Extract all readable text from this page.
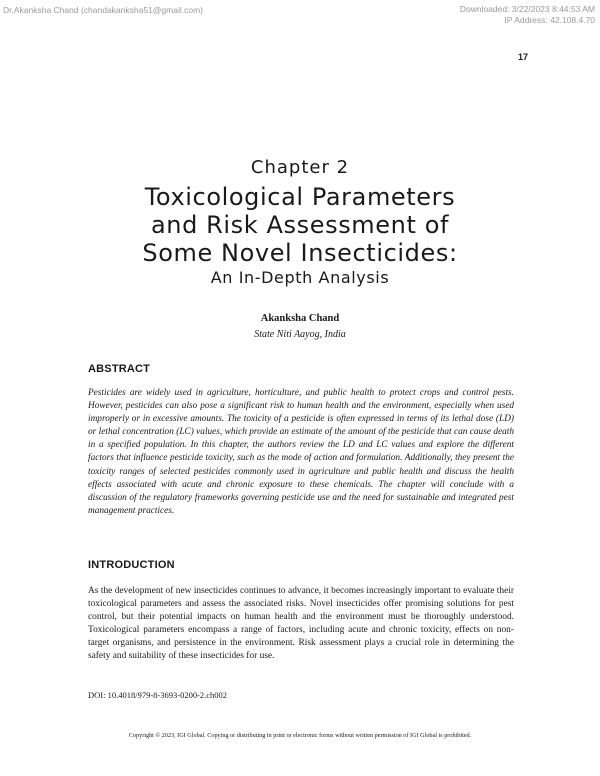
Dr.Akanksha Chand (chandakanksha51@gmail.com)	Downloaded: 3/22/2023 8:44:53 AM
IP Address: 42.108.4.70
17
Chapter 2
Toxicological Parameters
and Risk Assessment of
Some Novel Insecticides:
An In-Depth Analysis
Akanksha Chand
State Niti Aayog, India
ABSTRACT

Pesticides are widely used in agriculture, horticulture, and public health to protect crops and control pests. However, pesticides can also pose a significant risk to human health and the environment, especially when used improperly or in excessive amounts. The toxicity of a pesticide is often expressed in terms of its lethal dose (LD) or lethal concentration (LC) values, which provide an estimate of the amount of the pesticide that can cause death in a specified population. In this chapter, the authors review the LD and LC values and explore the different factors that influence pesticide toxicity, such as the mode of action and formulation. Additionally, they present the toxicity ranges of selected pesticides commonly used in agriculture and public health and discuss the health effects associated with acute and chronic exposure to these chemicals. The chapter will conclude with a discussion of the regulatory frameworks governing pesticide use and the need for sustainable and integrated pest management practices.

INTRODUCTION

As the development of new insecticides continues to advance, it becomes increasingly important to evaluate their toxicological parameters and assess the associated risks. Novel insecticides offer promising solutions for pest control, but their potential impacts on human health and the environment must be thoroughly understood. Toxicological parameters encompass a range of factors, including acute and chronic toxicity, effects on non-target organisms, and persistence in the environment. Risk assessment plays a crucial role in determining the safety and suitability of these insecticides for use.

DOI: 10.4018/979-8-3693-0200-2.ch002
Copyright © 2023, IGI Global. Copying or distributing in print or electronic forms without written permission of IGI Global is prohibited.
